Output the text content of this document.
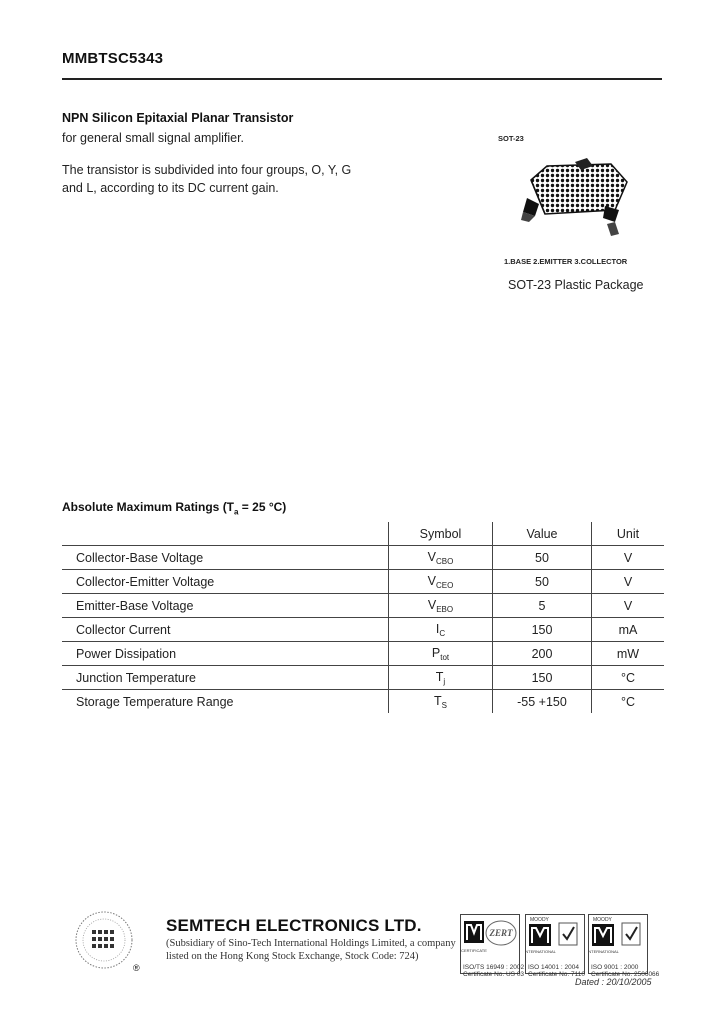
MMBTSC5343
NPN Silicon Epitaxial Planar Transistor
for general small signal amplifier.
The transistor is subdivided into four groups, O, Y, G
and L, according to its DC current gain.
SOT-23
1.BASE 2.EMITTER 3.COLLECTOR
SOT-23 Plastic Package
Absolute Maximum Ratings ($T_a = 25$ °C)
	Symbol	Value	Unit
Collector-Base Voltage	$V_{CBO}$	50	V
Collector-Emitter Voltage	$V_{CEO}$	50	V
Emitter-Base Voltage	$V_{EBO}$	5	V
Collector Current	$I_C$	150	mA
Power Dissipation	$P_{tot}$	200	mW
Junction Temperature	$T_j$	150	°C
Storage Temperature Range	$T_S$	-55 +150	°C
®
SEMTECH ELECTRONICS LTD.
(Subsidiary of Sino-Tech International Holdings Limited, a company
listed on the Hong Kong Stock Exchange, Stock Code: 724)
ZERT
CERTIFICATE
ISO/TS 16949 : 2002
Certificate No. US 03
MOODY
INTERNATIONAL
ISO 14001 : 2004
Certificate No. 7110
MOODY
INTERNATIONAL
ISO 9001 : 2000
Certificate No. 2506066
Dated : 20/10/2005
